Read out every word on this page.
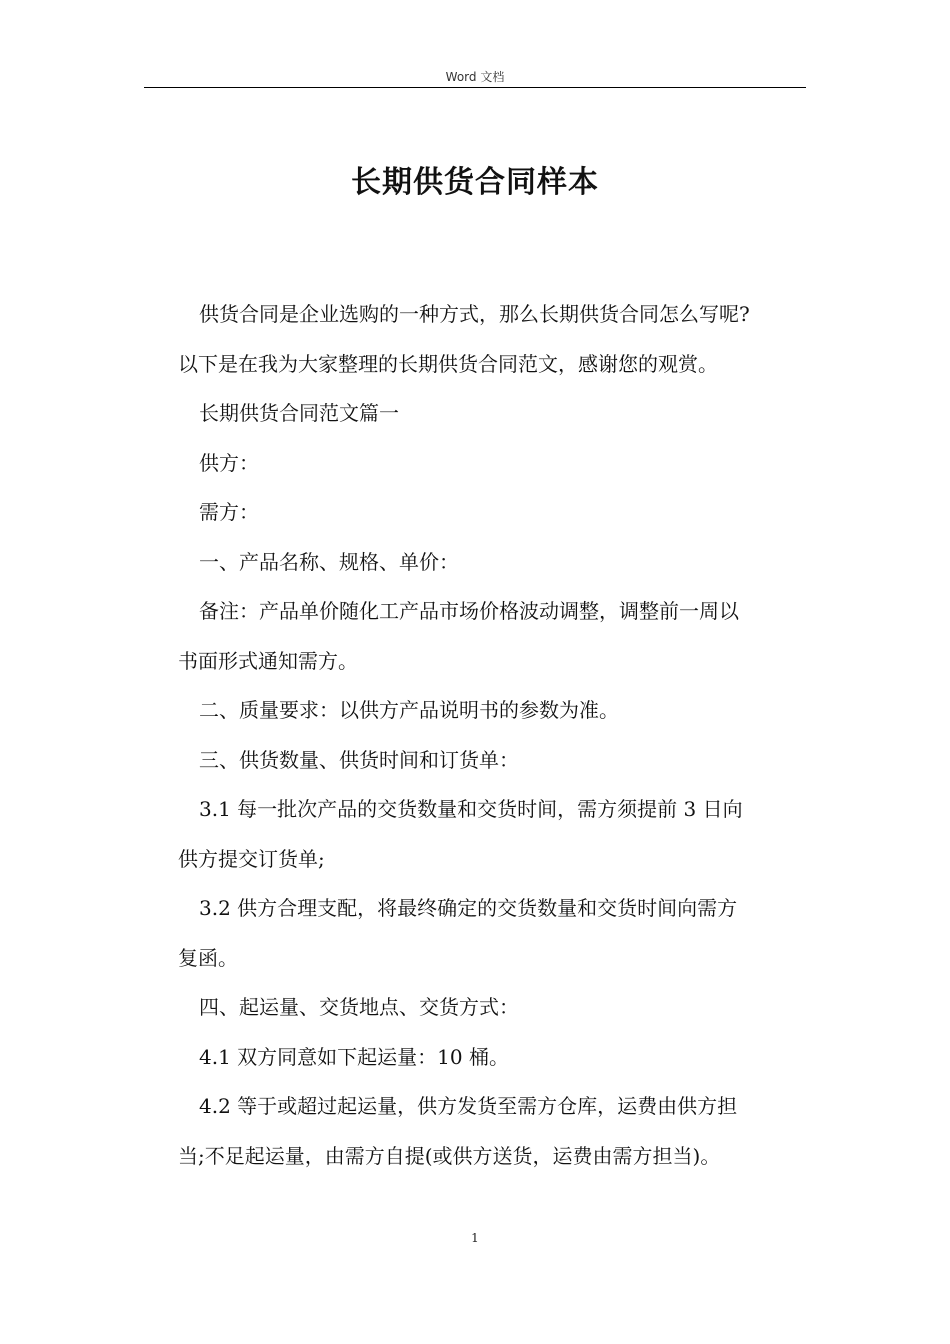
Word 文档
长期供货合同样本

供货合同是企业选购的一种方式，那么长期供货合同怎么写呢?
以下是在我为大家整理的长期供货合同范文，感谢您的观赏。

长期供货合同范文篇一

供方：

需方：

一、产品名称、规格、单价：

备注：产品单价随化工产品市场价格波动调整，调整前一周以
书面形式通知需方。

二、质量要求：以供方产品说明书的参数为准。

三、供货数量、供货时间和订货单：

3.1 每一批次产品的交货数量和交货时间，需方须提前 3 日向
供方提交订货单;

3.2 供方合理支配，将最终确定的交货数量和交货时间向需方
复函。

四、起运量、交货地点、交货方式：

4.1 双方同意如下起运量：10 桶。

4.2 等于或超过起运量，供方发货至需方仓库，运费由供方担
当;不足起运量，由需方自提(或供方送货，运费由需方担当)。

1
